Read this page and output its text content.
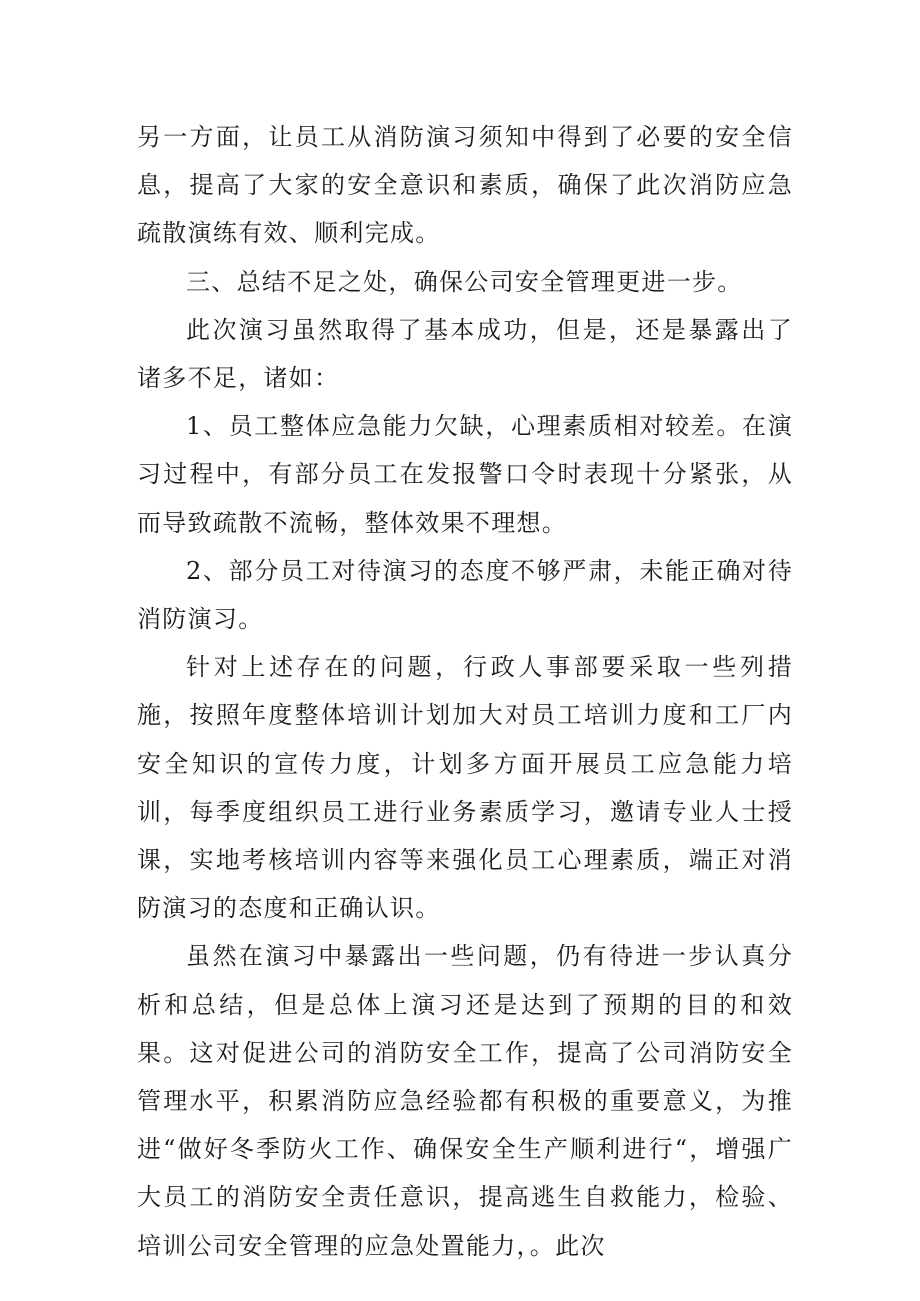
另一方面，让员工从消防演习须知中得到了必要的安全信息，提高了大家的安全意识和素质，确保了此次消防应急疏散演练有效、顺利完成。

三、总结不足之处，确保公司安全管理更进一步。

此次演习虽然取得了基本成功，但是，还是暴露出了诸多不足，诸如：

1、员工整体应急能力欠缺，心理素质相对较差。在演习过程中，有部分员工在发报警口令时表现十分紧张，从而导致疏散不流畅，整体效果不理想。

2、部分员工对待演习的态度不够严肃，未能正确对待消防演习。

针对上述存在的问题，行政人事部要采取一些列措施，按照年度整体培训计划加大对员工培训力度和工厂内安全知识的宣传力度，计划多方面开展员工应急能力培训，每季度组织员工进行业务素质学习，邀请专业人士授课，实地考核培训内容等来强化员工心理素质，端正对消防演习的态度和正确认识。

虽然在演习中暴露出一些问题，仍有待进一步认真分析和总结，但是总体上演习还是达到了预期的目的和效果。这对促进公司的消防安全工作，提高了公司消防安全管理水平，积累消防应急经验都有积极的重要意义，为推进“做好冬季防火工作、确保安全生产顺利进行“，增强广大员工的消防安全责任意识，提高逃生自救能力，检验、培训公司安全管理的应急处置能力，。此次
